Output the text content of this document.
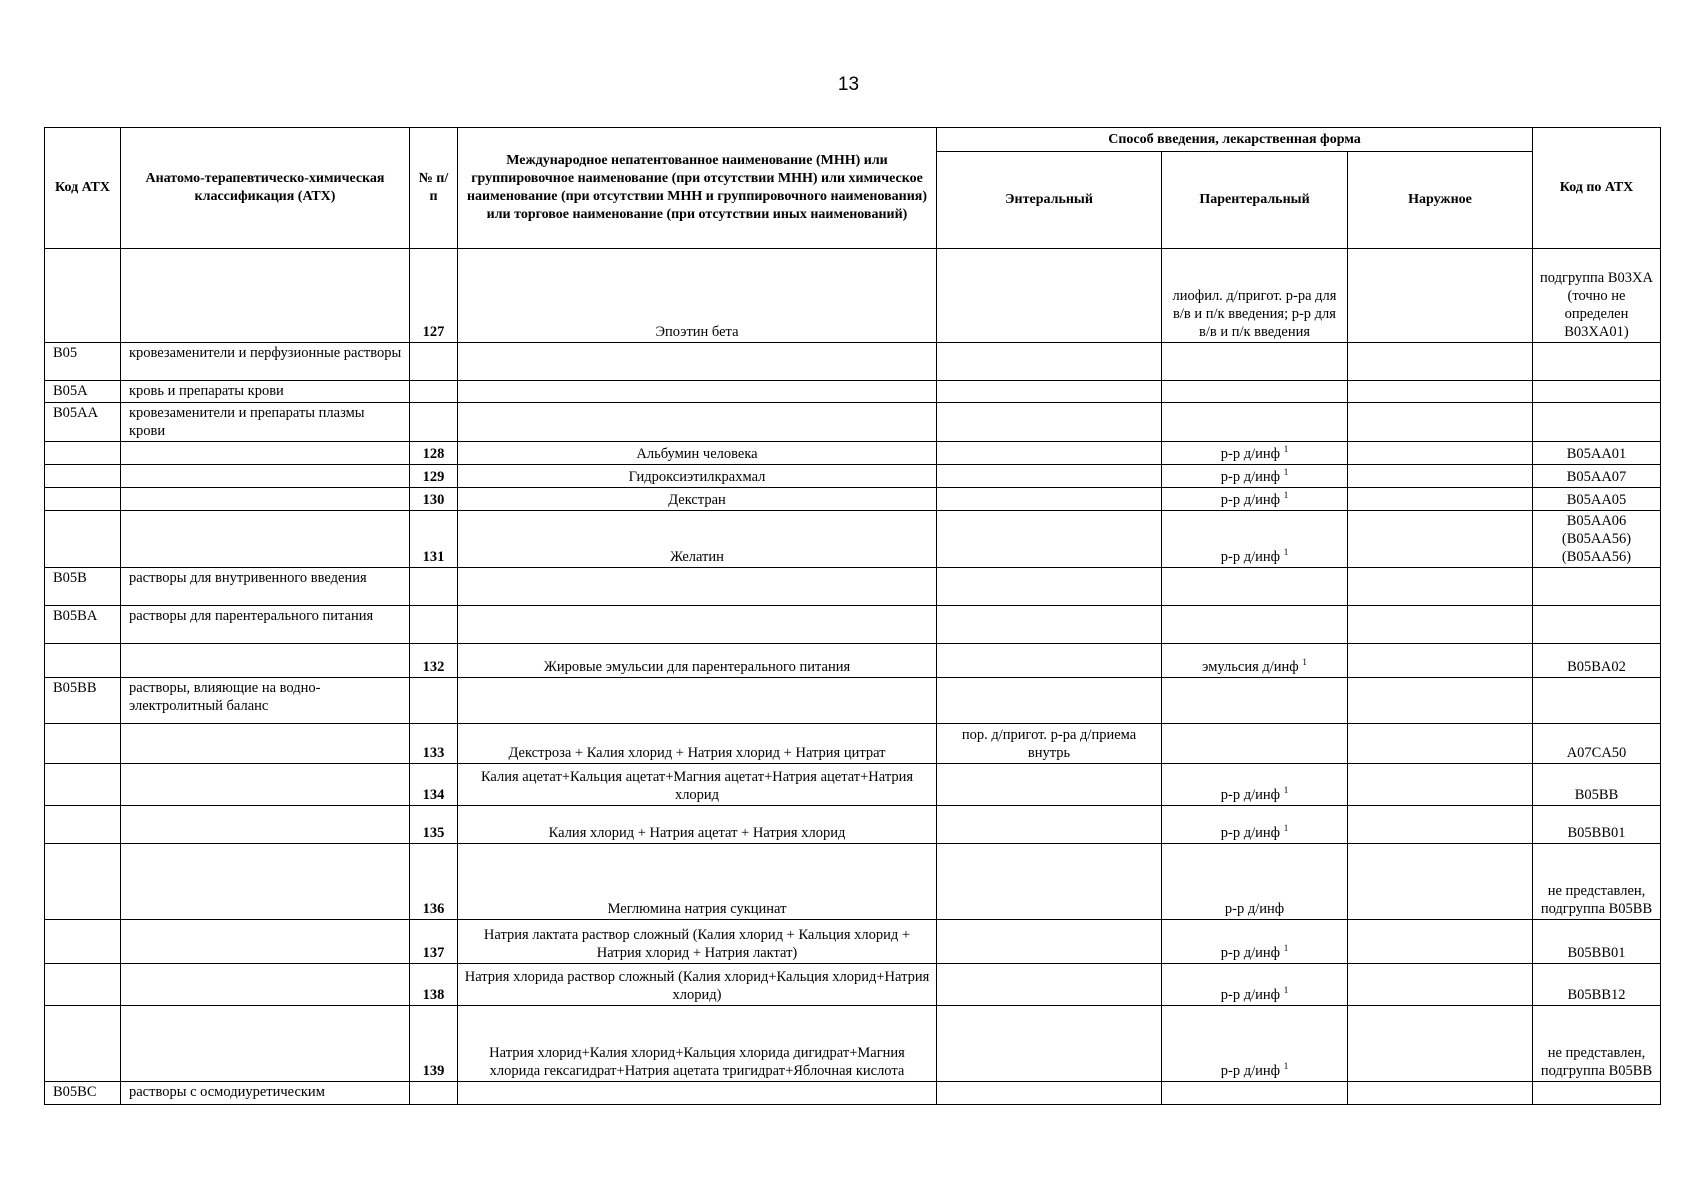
13
Код АТХ	Анатомо-терапевтическо-химическая классификация (АТХ)	№ п/п	Международное непатентованное наименование (МНН) или группировочное наименование (при отсутствии МНН) или химическое наименование (при отсутствии МНН и группировочного наименования) или торговое наименование (при отсутствии иных наименований)	Способ введения, лекарственная форма			Код по АТХ
				Энтеральный	Парентеральный	Наружное	
		127	Эпоэтин бета		лиофил. д/пригот. р-ра для в/в и п/к введения; р-р для в/в и п/к введения		подгруппа B03XA (точно не определен B03XA01)
B05	кровезаменители и перфузионные растворы						
B05A	кровь и препараты крови						
B05AA	кровезаменители и препараты плазмы крови						
		128	Альбумин человека		р-р д/инф $^1$		B05AA01
		129	Гидроксиэтилкрахмал		р-р д/инф $^1$		B05AA07
		130	Декстран		р-р д/инф $^1$		B05AA05
		131	Желатин		р-р д/инф $^1$		B05AA06 (B05AA56) (B05AA56)
B05B	растворы для внутривенного введения						
B05BA	растворы для парентерального питания						
		132	Жировые эмульсии для парентерального питания		эмульсия д/инф $^1$		B05BA02
B05BB	растворы, влияющие на водно-электролитный баланс						
		133	Декстроза + Калия хлорид + Натрия хлорид + Натрия цитрат	пор. д/пригот. р-ра д/приема внутрь			A07CA50
		134	Калия ацетат+Кальция ацетат+Магния ацетат+Натрия ацетат+Натрия хлорид		р-р д/инф $^1$		B05BB
		135	Калия хлорид + Натрия ацетат + Натрия хлорид		р-р д/инф $^1$		B05BB01
		136	Меглюмина натрия сукцинат		р-р д/инф		не представлен, подгруппа B05BB
		137	Натрия лактата раствор сложный (Калия хлорид + Кальция хлорид + Натрия хлорид + Натрия лактат)		р-р д/инф $^1$		B05BB01
		138	Натрия хлорида раствор сложный (Калия хлорид+Кальция хлорид+Натрия хлорид)		р-р д/инф $^1$		B05BB12
		139	Натрия хлорид+Калия хлорид+Кальция хлорида дигидрат+Магния хлорида гексагидрат+Натрия ацетата тригидрат+Яблочная кислота		р-р д/инф $^1$		не представлен, подгруппа B05BB
B05BC	растворы с осмодиуретическим						
